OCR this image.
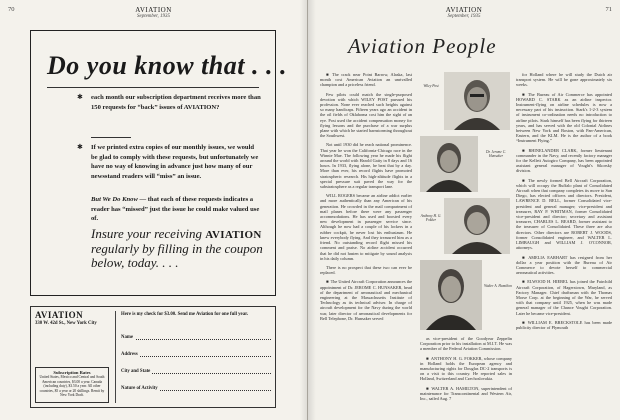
70	AVIATION
September, 1935
Do you know that . . .
✱ each month our subscription department receives more than 150 requests for “back” issues of AVIATION?
✱ If we printed extra copies of our monthly issues, we would be glad to comply with these requests, but unfortunately we have no way of knowing in advance just how many of our newsstand readers will “miss” an issue.
But We Do Know — that each of these requests indicates a reader has “missed” just the issue he could make valued use of.
Insure your receiving AVIATION regularly by filling in the coupon below, today. . . .
AVIATION
330 W. 42d St., New York City
Subscription Rates
United States, Mexico and Central and South American countries, $3.00 a year. Canada (including duty), $3.50 a year. All other countries, $5 a year or 20 shillings. Remit by New York Draft.
Here is my check for $3.00. Send me Aviation for one full year.
Name
Address
City and State
Nature of Activity
AVIATION
September, 1935
71
Aviation People

■ The crack near Point Barrow, Alaska, last month cost American Aviation an unrivalled champion and a priceless friend.

Few pilots could match the single-purposed devotion with which WILEY POST pursued his profession. None ever reached such heights against so many handicaps. Fifteen years ago an accident in the oil fields of Oklahoma cost him the sight of an eye. Post used the accident compensation money for flying lessons and the purchase of a war surplus plane with which he started barnstorming throughout the Southwest.

Not until 1930 did he reach national prominence. That year he won the California-Chicago race in the Winnie Mae. The following year he made his flight around the world with Harold Gatty in 8 days and 16 hours. In 1933, flying alone, he beat that by a day. More than ever, his record flights have promoted stratospheric research. His high-altitude flights in a special pressure suit paved the way for the substratosphere as a regular transport lane.

WILL ROGERS became an airline addict earlier and more authentically than any American of his generation. He crowded in the mail compartment of mail planes before there were any passenger accommodations. He has used and boosted every new development in passenger service since. Although he now had a couple of his lockers in a rubber cockpit, he never lost his enthusiasm. He knew everybody flying. And they treasured him as a friend. No outstanding record flight missed his comment and praise. No airline accident occurred that he did not hasten to mitigate by sound analysis in his daily column.

There is no prospect that these two can ever be replaced.

■ The United Aircraft Corporation announces the appointment of Dr. JEROME C. HUNSAKER, head of the department of aeronautical and mechanical engineering at the Massachusetts Institute of Technology as its technical adviser. In charge of aircraft development for the Navy during the world war, later director of aeronautical developments for Bell Telephone, Dr. Hunsaker served

Wiley Post
Dr. Jerome C. Hunsaker
Anthony H. G. Fokker
Walter A. Hamilton

as vice-president of the Goodyear Zeppelin Corporation prior to his installation at M.I.T. He was a member of the Federal Aviation Commission.

■ ANTHONY H. G. FOKKER, whose company in Holland holds the European agency and manufacturing rights for Douglas DC-2 transports is on a visit to this country. He reported sales in Holland, Switzerland and Czechoslovakia.

■ WALTER A. HAMILTON, superintendent of maintenance for Transcontinental and Western Air, Inc., sailed Aug. 7

for Holland where he will study the Dutch air transport system. He will be gone approximately six weeks.

■ The Bureau of Air Commerce has appointed HOWARD C. STARK as an airline inspector. Instrument-flying on airline schedules is now a necessary part of his instruction. Stark's 1-2-3 system of instrument co-ordination needs no introduction to airline pilots. Stark himself has been flying for thirteen years, and has served with the old Colonial Airlines between New York and Boston, with Pan-American, Eastern, and the KLM. He is the author of a book “Instrument Flying.”

■ RHINELANDER CLARK, former lieutenant commander in the Navy, and recently factory manager for the Kellett Autogiro Company, has been appointed assistant general manager of Vought's Sikorsky division.

■ The newly formed Bell Aircraft Corporation, which will occupy the Buffalo plant of Consolidated Aircraft when that company completes its move to San Diego, has elected officers and directors. President, LAWRENCE D. BELL, former Consolidated vice-president and general manager; vice-president and treasurer, RAY P. WHITMAN, former Consolidated vice-president and director; secretary and assistant treasurer, CHARLES L. BEARD, former assistant to the treasurer of Consolidated. These three are also directors. Other directors are ROBERT J. WOODS, former Consolidated engineer, and WALTER L. LIMBAUGH and WILLIAM J. O'CONNOR, attorneys.

■ AMELIA EARHART has resigned from her dollar a year position with the Bureau of Air Commerce to devote herself to commercial aeronautical activities.

■ ELWOOD H. HIEBEL has joined the Fairchild Aircraft Corporation, of Hagerstown, Maryland, as Factory Manager. Chief draftsman with the Thomas Morse Corp. at the beginning of the War, he served with that company until 1925, when he was made general manager of the Chance Vought Corporation. Later he became vice-president.

■ WILLIAM E. BRECKSTOLE has been made publicity director of Plymouth
